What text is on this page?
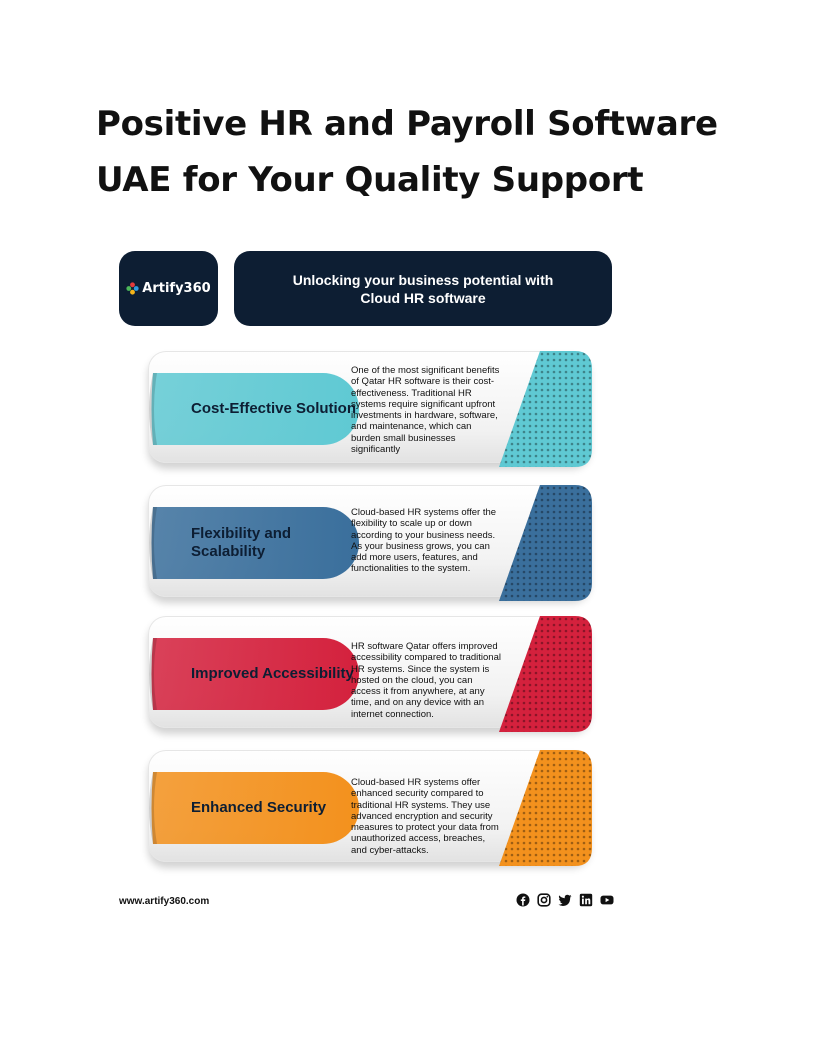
Positive HR and Payroll Software
UAE for Your Quality Support
Artify360
Unlocking your business potential with Cloud HR software
Cost-Effective Solution
One of the most significant benefits of Qatar HR software is their cost-effectiveness. Traditional HR systems require significant upfront investments in hardware, software, and maintenance, which can burden small businesses significantly
Flexibility and Scalability
Cloud-based HR systems offer the flexibility to scale up or down according to your business needs. As your business grows, you can add more users, features, and functionalities to the system.
Improved Accessibility
HR software Qatar offers improved accessibility compared to traditional HR systems. Since the system is hosted on the cloud, you can access it from anywhere, at any time, and on any device with an internet connection.
Enhanced Security
Cloud-based HR systems offer enhanced security compared to traditional HR systems. They use advanced encryption and security measures to protect your data from unauthorized access, breaches, and cyber-attacks.
www.artify360.com
